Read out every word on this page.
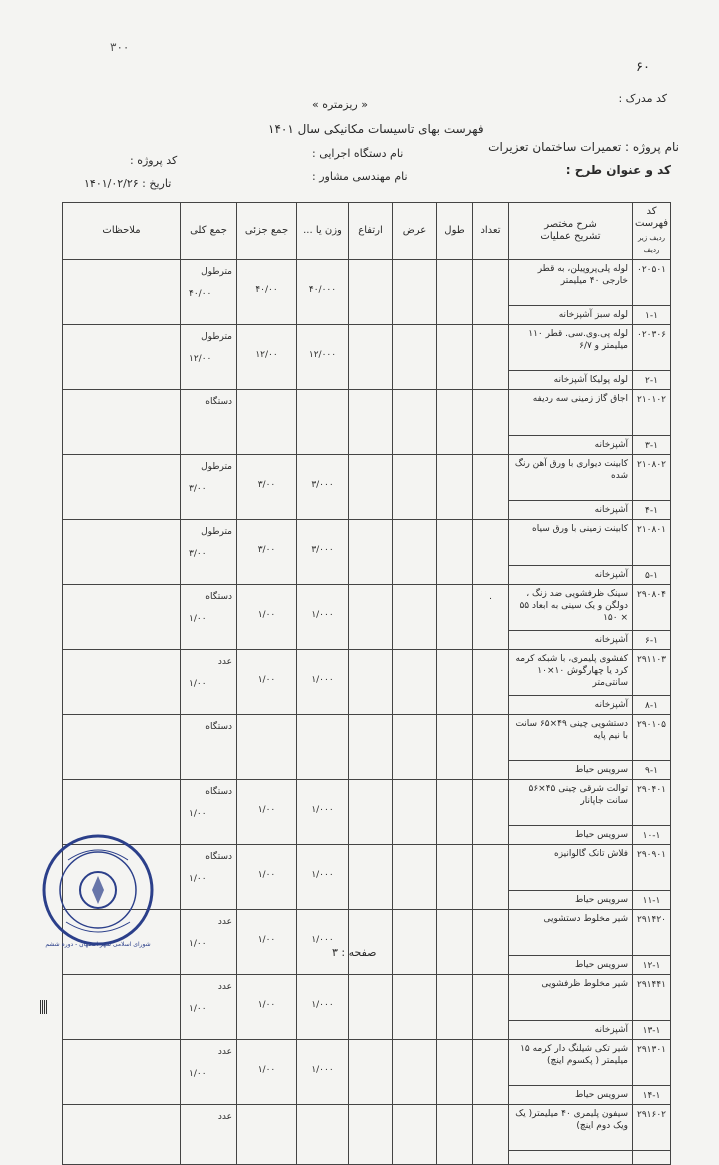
۳۰۰
۶۰
کد مدرک :
نام پروژه : تعمیرات ساختمان تعزیرات
کد و عنوان طرح :
« ریزمتره »
فهرست بهای تاسیسات مکانیکی سال ۱۴۰۱
نام دستگاه اجرایی :
نام مهندسی مشاور :
کد پروژه :
تاریخ : ۱۴۰۱/۰۲/۲۶
کد فهرست
ردیف زیر ردیف	شرح مختصر
تشریح عملیات	تعداد	طول	عرض	ارتفاع	وزن یا ...	جمع جزئی	جمع کلی	ملاحظات
۰۲۰۵۰۱	لوله پلی‌پروپیلن، به قطر خارجی ۴۰ میلیمتر					۴۰/۰۰۰	۴۰/۰۰	مترطول
۴۰/۰۰	

۱-۱	لوله سبز آشپزخانه								
۰۲۰۳۰۶	لوله پی.وی.سی. قطر ۱۱۰ میلیمتر و ۶/۷					۱۲/۰۰۰	۱۲/۰۰	مترطول
۱۲/۰۰	

۲-۱	لوله پولیکا آشپزخانه								
۲۱۰۱۰۲	اجاق گاز زمینی سه ردیفه							دستگاه	

۳-۱	آشپزخانه								
۲۱۰۸۰۲	کابینت دیواری با ورق آهن رنگ شده					۳/۰۰۰	۳/۰۰	مترطول
۳/۰۰	

۴-۱	آشپزخانه								
۲۱۰۸۰۱	کابینت زمینی با ورق سیاه					۳/۰۰۰	۳/۰۰	مترطول
۳/۰۰	

۵-۱	آشپزخانه								
۲۹۰۸۰۴	سینک ظرفشویی ضد زنگ ، دولگن و یک سینی به ابعاد ۵۵ × ۱۵۰	۰				۱/۰۰۰	۱/۰۰	دستگاه
۱/۰۰	

۶-۱	آشپزخانه								
۲۹۱۱۰۳	کفشوی پلیمری، با شبکه کرمه کرد یا چهارگوش ۱۰×۱۰ سانتی‌متر					۱/۰۰۰	۱/۰۰	عدد
۱/۰۰	

۸-۱	آشپزخانه								
۲۹۰۱۰۵	دستشویی چینی ۴۹×۶۵ سانت با نیم پایه							دستگاه	

۹-۱	سرویس حیاط								
۲۹۰۴۰۱	توالت شرقی چینی ۴۵×۵۶ سانت جاپانار					۱/۰۰۰	۱/۰۰	دستگاه
۱/۰۰	

۱۰-۱	سرویس حیاط								
۲۹۰۹۰۱	فلاش تانک گالوانیزه					۱/۰۰۰	۱/۰۰	دستگاه
۱/۰۰	

۱۱-۱	سرویس حیاط								
۲۹۱۴۲۰	شیر مخلوط دستشویی					۱/۰۰۰	۱/۰۰	عدد
۱/۰۰	

۱۲-۱	سرویس حیاط								
۲۹۱۴۴۱	شیر مخلوط ظرفشویی					۱/۰۰۰	۱/۰۰	عدد
۱/۰۰	

۱۳-۱	آشپزخانه								
۲۹۱۳۰۱	شیر تکی شیلنگ دار کرمه ۱۵ میلیمتر ( پکسوم اینچ)					۱/۰۰۰	۱/۰۰	عدد
۱/۰۰	

۱۴-۱	سرویس حیاط								
۲۹۱۶۰۲	سیفون پلیمری ۴۰ میلیمتر( یک ویک دوم اینچ)							عدد	

شورای اسلامی شهر اصفهان - دوره ششم
صفحه : ۳
